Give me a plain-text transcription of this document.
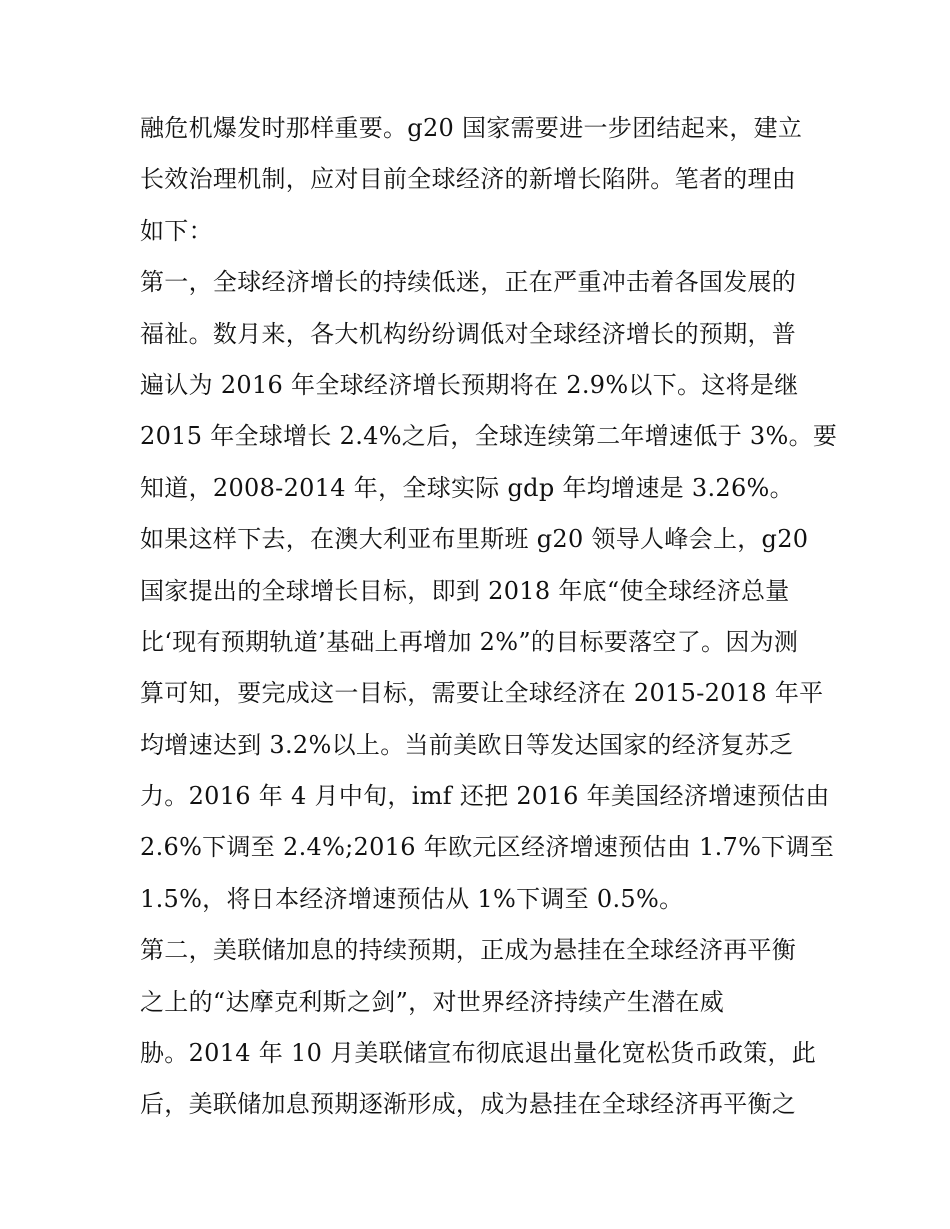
融危机爆发时那样重要。g20 国家需要进一步团结起来，建立
长效治理机制，应对目前全球经济的新增长陷阱。笔者的理由
如下：
第一，全球经济增长的持续低迷，正在严重冲击着各国发展的
福祉。数月来，各大机构纷纷调低对全球经济增长的预期，普
遍认为 2016 年全球经济增长预期将在 2.9%以下。这将是继
2015 年全球增长 2.4%之后，全球连续第二年增速低于 3%。要
知道，2008-2014 年，全球实际 gdp 年均增速是 3.26%。
如果这样下去，在澳大利亚布里斯班 g20 领导人峰会上，g20
国家提出的全球增长目标，即到 2018 年底“使全球经济总量
比‘现有预期轨道’基础上再增加 2%”的目标要落空了。因为测
算可知，要完成这一目标，需要让全球经济在 2015-2018 年平
均增速达到 3.2%以上。当前美欧日等发达国家的经济复苏乏
力。2016 年 4 月中旬，imf 还把 2016 年美国经济增速预估由
2.6%下调至 2.4%;2016 年欧元区经济增速预估由 1.7%下调至
1.5%，将日本经济增速预估从 1%下调至 0.5%。
第二，美联储加息的持续预期，正成为悬挂在全球经济再平衡
之上的“达摩克利斯之剑”，对世界经济持续产生潜在威
胁。2014 年 10 月美联储宣布彻底退出量化宽松货币政策，此
后，美联储加息预期逐渐形成，成为悬挂在全球经济再平衡之
